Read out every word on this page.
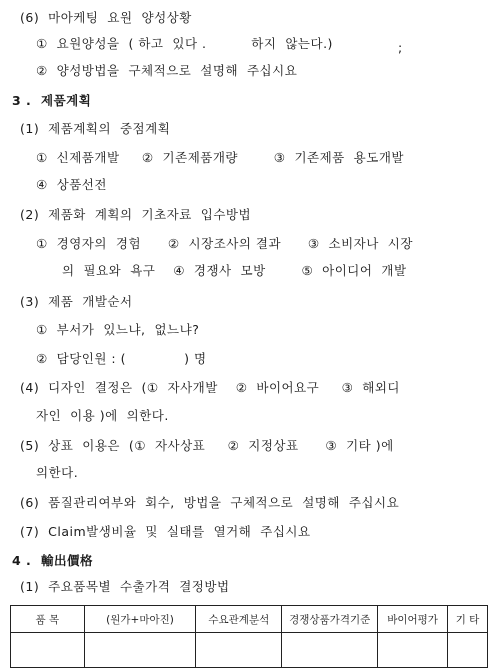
(6)  마아케팅  요원  양성상황
①  요원양성을  ( 하고  있다 .          하지  않는다.)	;
②  양성방법을  구체적으로  설명해  주십시요
3 .  제품계획
(1)  제품계획의  중점계획
①  신제품개발     ②  기존제품개량        ③  기존제품  용도개발
④  상품선전
(2)  제품화  계획의  기초자료  입수방법
①  경영자의  경험      ②  시장조사의 결과      ③  소비자나  시장
의  필요와  욕구    ④  경쟁사  모방        ⑤  아이디어  개발
(3)  제품  개발순서
①  부서가  있느냐,  없느냐?
②  담당인원 : (             ) 명
(4)  디자인  결정은  (①  자사개발    ②  바이어요구     ③  해외디
자인  이용 )에  의한다.
(5)  상표  이용은  (①  자사상표     ②  지정상표      ③  기타 )에
의한다.
(6)  품질관리여부와  회수,  방법을  구체적으로  설명해  주십시요
(7)  Claim발생비율  및  실태를  열거해  주십시요
4 .  輸出價格
(1)  주요품목별  수출가격  결정방법
품 목	(원가+마아진)	수요관계분석	경쟁상품가격기준	바이어평가	기 타
